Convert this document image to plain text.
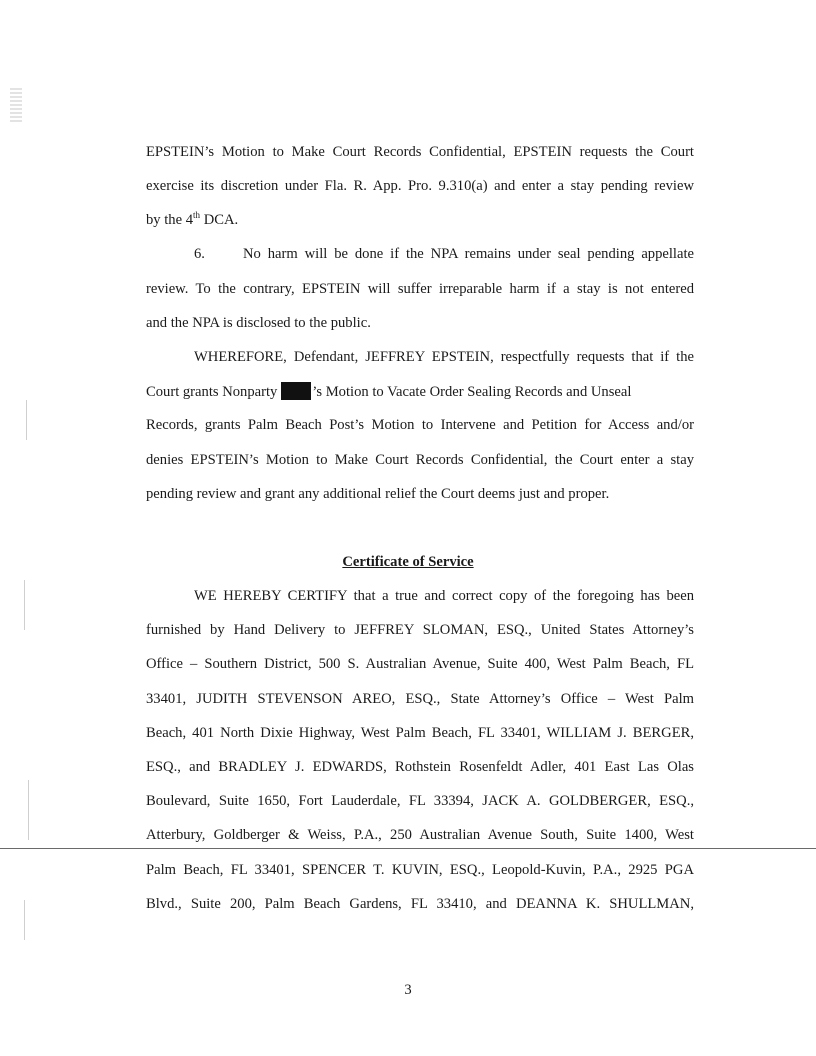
EPSTEIN’s Motion to Make Court Records Confidential, EPSTEIN requests the Court
exercise its discretion under Fla. R. App. Pro. 9.310(a) and enter a stay pending review
by the 4th DCA.
6.	No harm will be done if the NPA remains under seal pending appellate
review. To the contrary, EPSTEIN will suffer irreparable harm if a stay is not entered
and the NPA is disclosed to the public.
WHEREFORE, Defendant, JEFFREY EPSTEIN, respectfully requests that if the
Court grants Nonparty ’s Motion to Vacate Order Sealing Records and Unseal
Records, grants Palm Beach Post’s Motion to Intervene and Petition for Access and/or
denies EPSTEIN’s Motion to Make Court Records Confidential, the Court enter a stay
pending review and grant any additional relief the Court deems just and proper.
Certificate of Service
WE HEREBY CERTIFY that a true and correct copy of the foregoing has been
furnished by Hand Delivery to JEFFREY SLOMAN, ESQ., United States Attorney’s
Office – Southern District, 500 S. Australian Avenue, Suite 400, West Palm Beach, FL
33401, JUDITH STEVENSON AREO, ESQ., State Attorney’s Office – West Palm
Beach, 401 North Dixie Highway, West Palm Beach, FL 33401, WILLIAM J. BERGER,
ESQ., and BRADLEY J. EDWARDS, Rothstein Rosenfeldt Adler, 401 East Las Olas
Boulevard, Suite 1650, Fort Lauderdale, FL 33394, JACK A. GOLDBERGER, ESQ.,
Atterbury, Goldberger & Weiss, P.A., 250 Australian Avenue South, Suite 1400, West
Palm Beach, FL 33401, SPENCER T. KUVIN, ESQ., Leopold-Kuvin, P.A., 2925 PGA
Blvd., Suite 200, Palm Beach Gardens, FL 33410, and DEANNA K. SHULLMAN,
3
